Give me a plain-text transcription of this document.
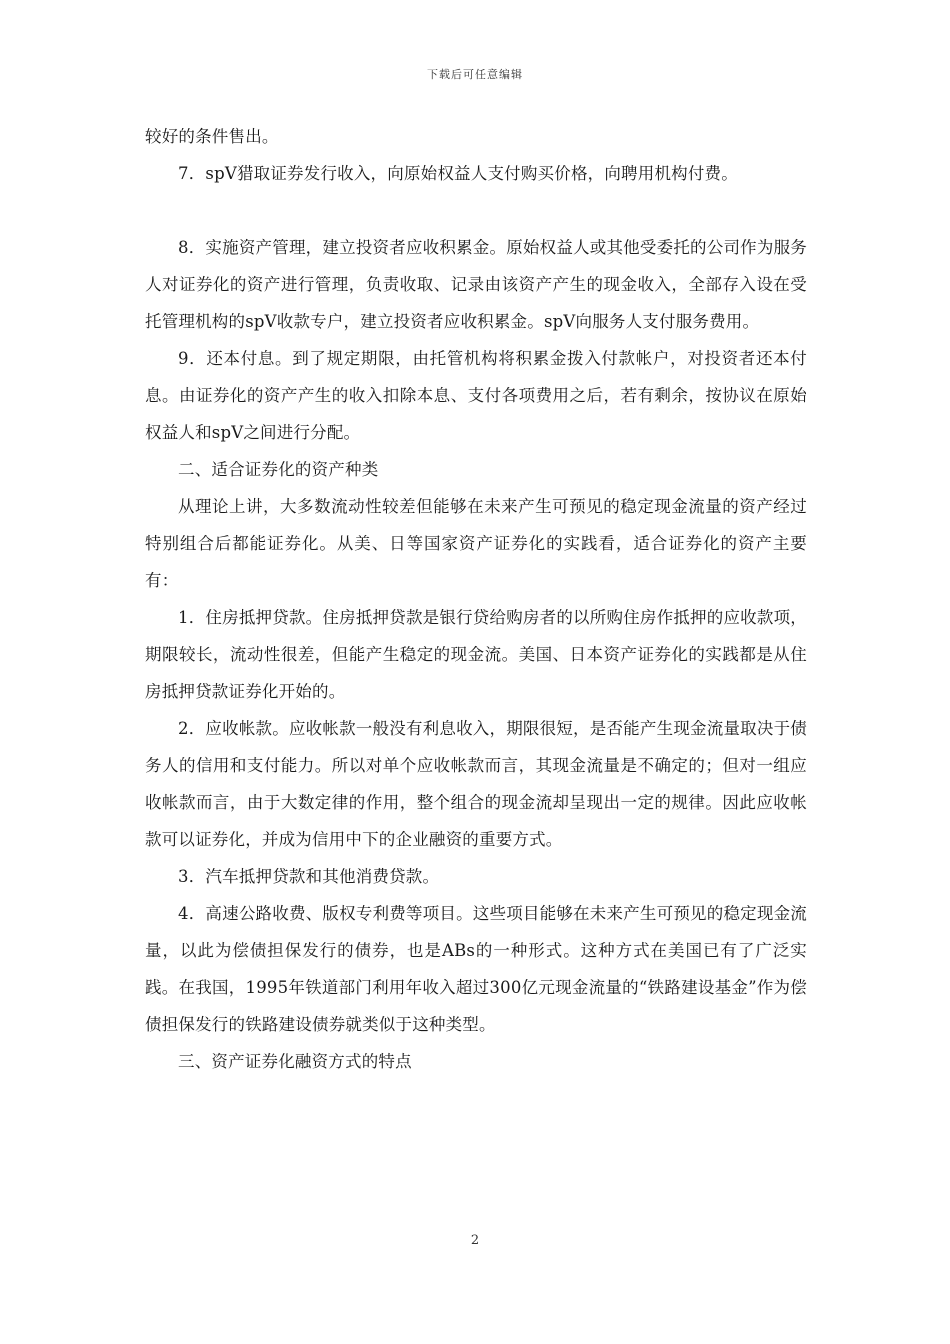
下载后可任意编辑

较好的条件售出。

7．spV猎取证券发行收入，向原始权益人支付购买价格，向聘用机构付费。

8．实施资产管理，建立投资者应收积累金。原始权益人或其他受委托的公司作为服务人对证券化的资产进行管理，负责收取、记录由该资产产生的现金收入，全部存入设在受托管理机构的spV收款专户，建立投资者应收积累金。spV向服务人支付服务费用。

9．还本付息。到了规定期限，由托管机构将积累金拨入付款帐户，对投资者还本付息。由证券化的资产产生的收入扣除本息、支付各项费用之后，若有剩余，按协议在原始权益人和spV之间进行分配。

二、适合证券化的资产种类

从理论上讲，大多数流动性较差但能够在未来产生可预见的稳定现金流量的资产经过特别组合后都能证券化。从美、日等国家资产证券化的实践看，适合证券化的资产主要有：

1．住房抵押贷款。住房抵押贷款是银行贷给购房者的以所购住房作抵押的应收款项，期限较长，流动性很差，但能产生稳定的现金流。美国、日本资产证券化的实践都是从住房抵押贷款证券化开始的。

2．应收帐款。应收帐款一般没有利息收入，期限很短，是否能产生现金流量取决于债务人的信用和支付能力。所以对单个应收帐款而言，其现金流量是不确定的；但对一组应收帐款而言，由于大数定律的作用，整个组合的现金流却呈现出一定的规律。因此应收帐款可以证券化，并成为信用中下的企业融资的重要方式。

3．汽车抵押贷款和其他消费贷款。

4．高速公路收费、版权专利费等项目。这些项目能够在未来产生可预见的稳定现金流量，以此为偿债担保发行的债券，也是ABs的一种形式。这种方式在美国已有了广泛实践。在我国，1995年铁道部门利用年收入超过300亿元现金流量的“铁路建设基金”作为偿债担保发行的铁路建设债券就类似于这种类型。

三、资产证券化融资方式的特点

2
